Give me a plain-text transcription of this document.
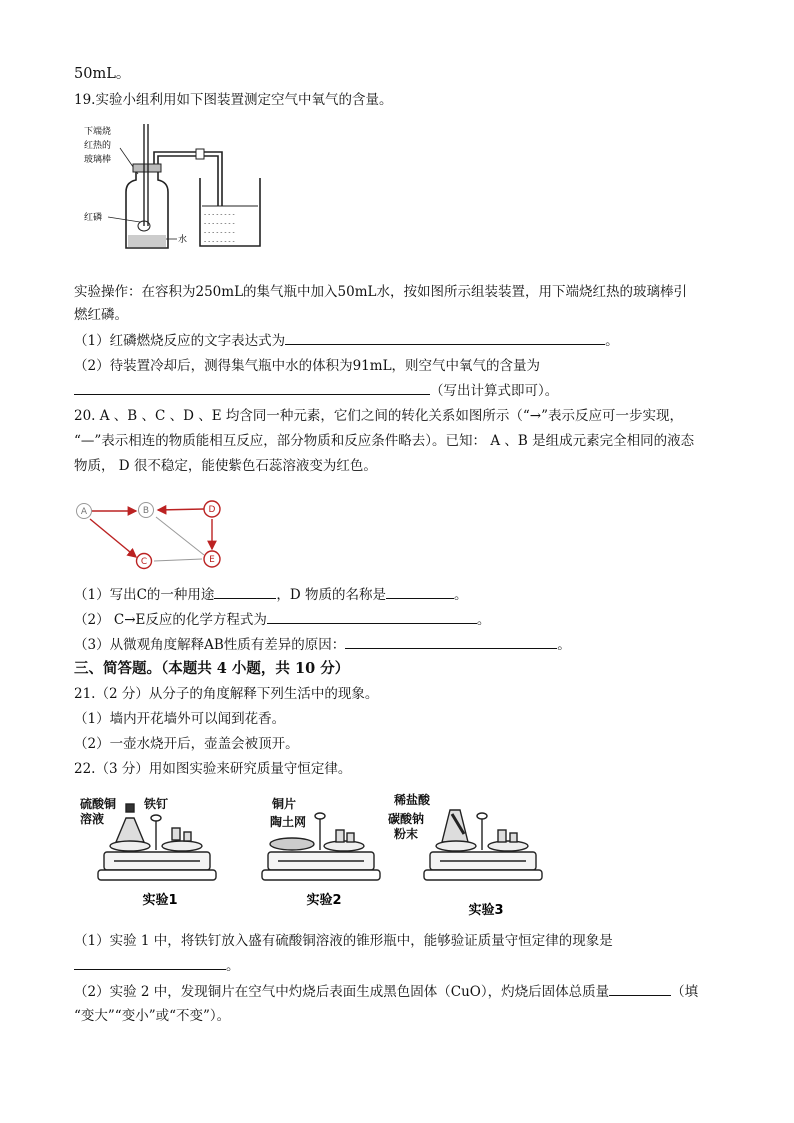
50mL。
19.实验小组利用如下图装置测定空气中氧气的含量。
下端烧
红热的
玻璃棒
红磷	- - - - - - - -
- - - - - - - -
- - - - - - - -
- - - - - - - -
水
实验操作：在容积为250mL的集气瓶中加入50mL水，按如图所示组装装置，用下端烧红热的玻璃棒引
燃红磷。
（1）红磷燃烧反应的文字表达式为	。
（2）待装置冷却后，测得集气瓶中水的体积为91mL，则空气中氧气的含量为
（写出计算式即可）。
20. A 、B 、C 、D 、E 均含同一种元素，它们之间的转化关系如图所示（“→”表示反应可一步实现，
“—”表示相连的物质能相互反应，部分物质和反应条件略去）。已知： A 、B 是组成元素完全相同的液态
物质， D 很不稳定，能使紫色石蕊溶液变为红色。
A	B
C
D
E
（1）写出C的一种用途	，D 物质的名称是	。
（2） C→E反应的化学方程式为	。
（3）从微观角度解释AB性质有差异的原因：	。
三、简答题。（本题共 4 小题，共 10 分）
21.（2 分）从分子的角度解释下列生活中的现象。
（1）墙内开花墙外可以闻到花香。
（2）一壶水烧开后，壶盖会被顶开。
22.（3 分）用如图实验来研究质量守恒定律。
硫酸铜
溶液
铁钉	铜片
陶土网
稀盐酸
碳酸钠
粉末
实验1	实验2
实验3
（1）实验 1 中，将铁钉放入盛有硫酸铜溶液的锥形瓶中，能够验证质量守恒定律的现象是
。
（2）实验 2 中，发现铜片在空气中灼烧后表面生成黑色固体（CuO），灼烧后固体总质量	（填
“变大”“变小”或“不变”）。
